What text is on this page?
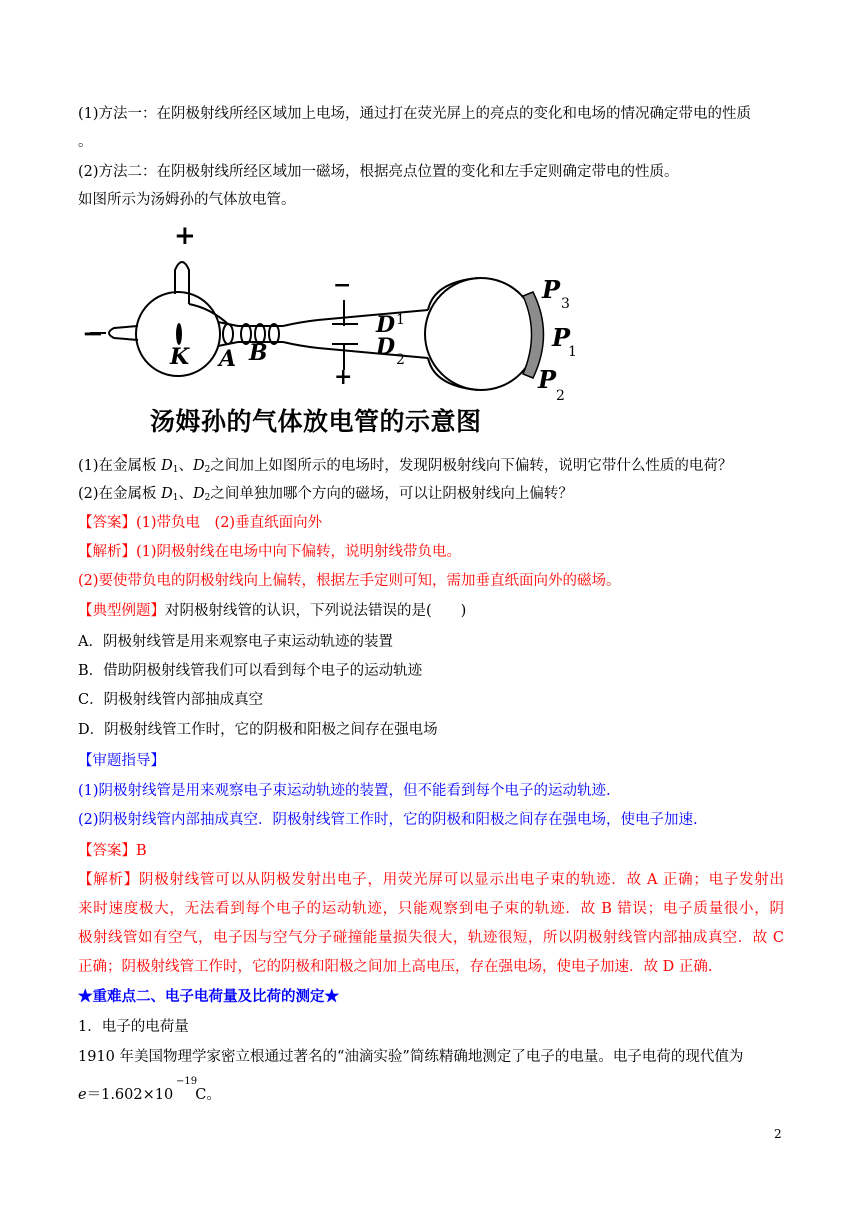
(1)方法一：在阴极射线所经区域加上电场，通过打在荧光屏上的亮点的变化和电场的情况确定带电的性质
。
(2)方法二：在阴极射线所经区域加一磁场，根据亮点位置的变化和左手定则确定带电的性质。
如图所示为汤姆孙的气体放电管。
+
−
−
+
K A B
D 1
D 2
P 3
P
1
P
2
汤姆孙的气体放电管的示意图
(1)在金属板 $D_1$、$D_2$之间加上如图所示的电场时，发现阴极射线向下偏转，说明它带什么性质的电荷？
(2)在金属板 $D_1$、$D_2$之间单独加哪个方向的磁场，可以让阴极射线向上偏转？
【答案】(1)带负电　(2)垂直纸面向外
【解析】(1)阴极射线在电场中向下偏转，说明射线带负电。
(2)要使带负电的阴极射线向上偏转，根据左手定则可知，需加垂直纸面向外的磁场。
【典型例题】对阴极射线管的认识，下列说法错误的是(　　)
A．阴极射线管是用来观察电子束运动轨迹的装置
B．借助阴极射线管我们可以看到每个电子的运动轨迹
C．阴极射线管内部抽成真空
D．阴极射线管工作时，它的阴极和阳极之间存在强电场
【审题指导】
(1)阴极射线管是用来观察电子束运动轨迹的装置，但不能看到每个电子的运动轨迹.
(2)阴极射线管内部抽成真空．阴极射线管工作时，它的阴极和阳极之间存在强电场，使电子加速.
【答案】B
【解析】阴极射线管可以从阴极发射出电子，用荧光屏可以显示出电子束的轨迹．故 A 正确；电子发射出
来时速度极大，无法看到每个电子的运动轨迹，只能观察到电子束的轨迹．故 B 错误；电子质量很小，阴
极射线管如有空气，电子因与空气分子碰撞能量损失很大，轨迹很短，所以阴极射线管内部抽成真空．故 C
正确；阴极射线管工作时，它的阴极和阳极之间加上高电压，存在强电场，使电子加速．故 D 正确.
★重难点二、电子电荷量及比荷的测定★
1．电子的电荷量
1910 年美国物理学家密立根通过著名的“油滴实验”简练精确地测定了电子的电量。电子电荷的现代值为
e＝1.602×10 C。
−19
2
